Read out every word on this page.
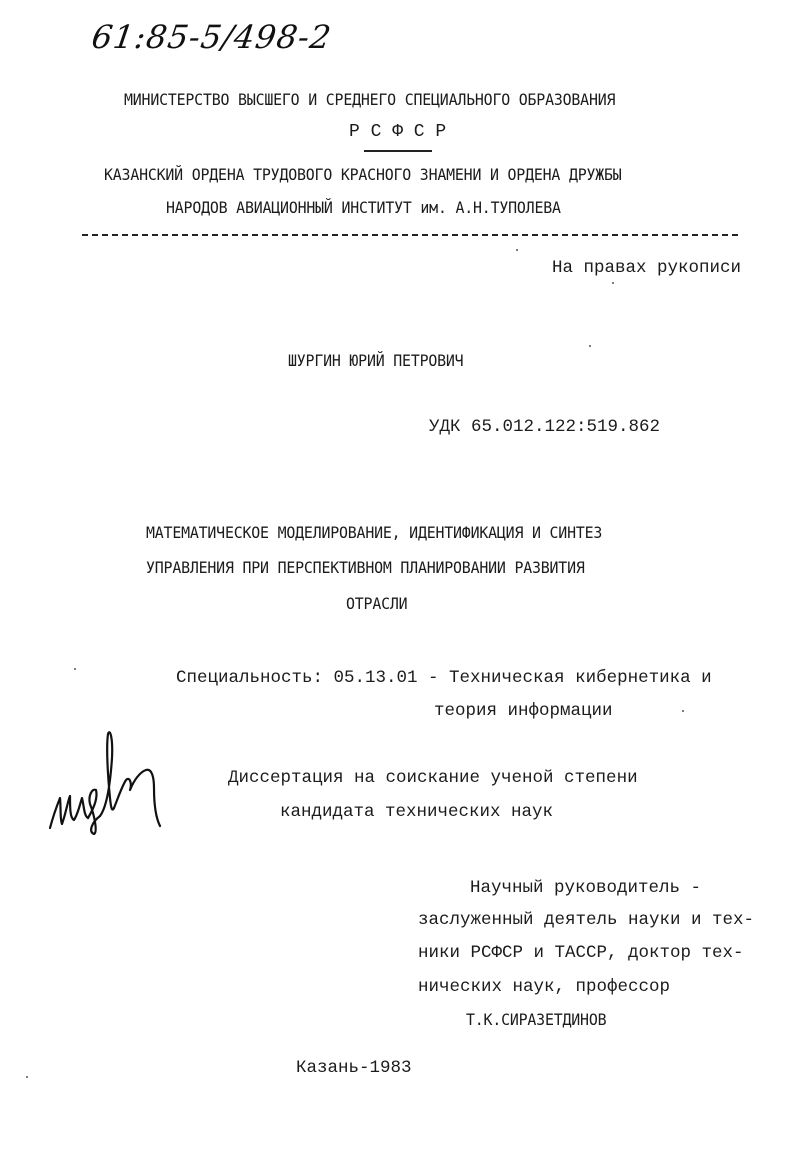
61:85-5/498-2
МИНИСТЕРСТВО ВЫСШЕГО И СРЕДНЕГО СПЕЦИАЛЬНОГО ОБРАЗОВАНИЯ
Р С Ф С Р
КАЗАНСКИЙ ОРДЕНА ТРУДОВОГО КРАСНОГО ЗНАМЕНИ И ОРДЕНА ДРУЖБЫ
НАРОДОВ АВИАЦИОННЫЙ ИНСТИТУТ им. А.Н.ТУПОЛЕВА
На правах рукописи
ШУРГИН ЮРИЙ ПЕТРОВИЧ
УДК 65.012.122:519.862
МАТЕМАТИЧЕСКОЕ МОДЕЛИРОВАНИЕ, ИДЕНТИФИКАЦИЯ И СИНТЕЗ
УПРАВЛЕНИЯ ПРИ ПЕРСПЕКТИВНОМ ПЛАНИРОВАНИИ РАЗВИТИЯ
ОТРАСЛИ
Специальность: 05.13.01 - Техническая кибернетика и
теория информации
Диссертация на соискание ученой степени
кандидата технических наук
Научный руководитель -
заслуженный деятель науки и тех-
ники РСФСР и ТАССР, доктор тех-
нических наук, профессор
Т.К.СИРАЗЕТДИНОВ
Казань-1983
